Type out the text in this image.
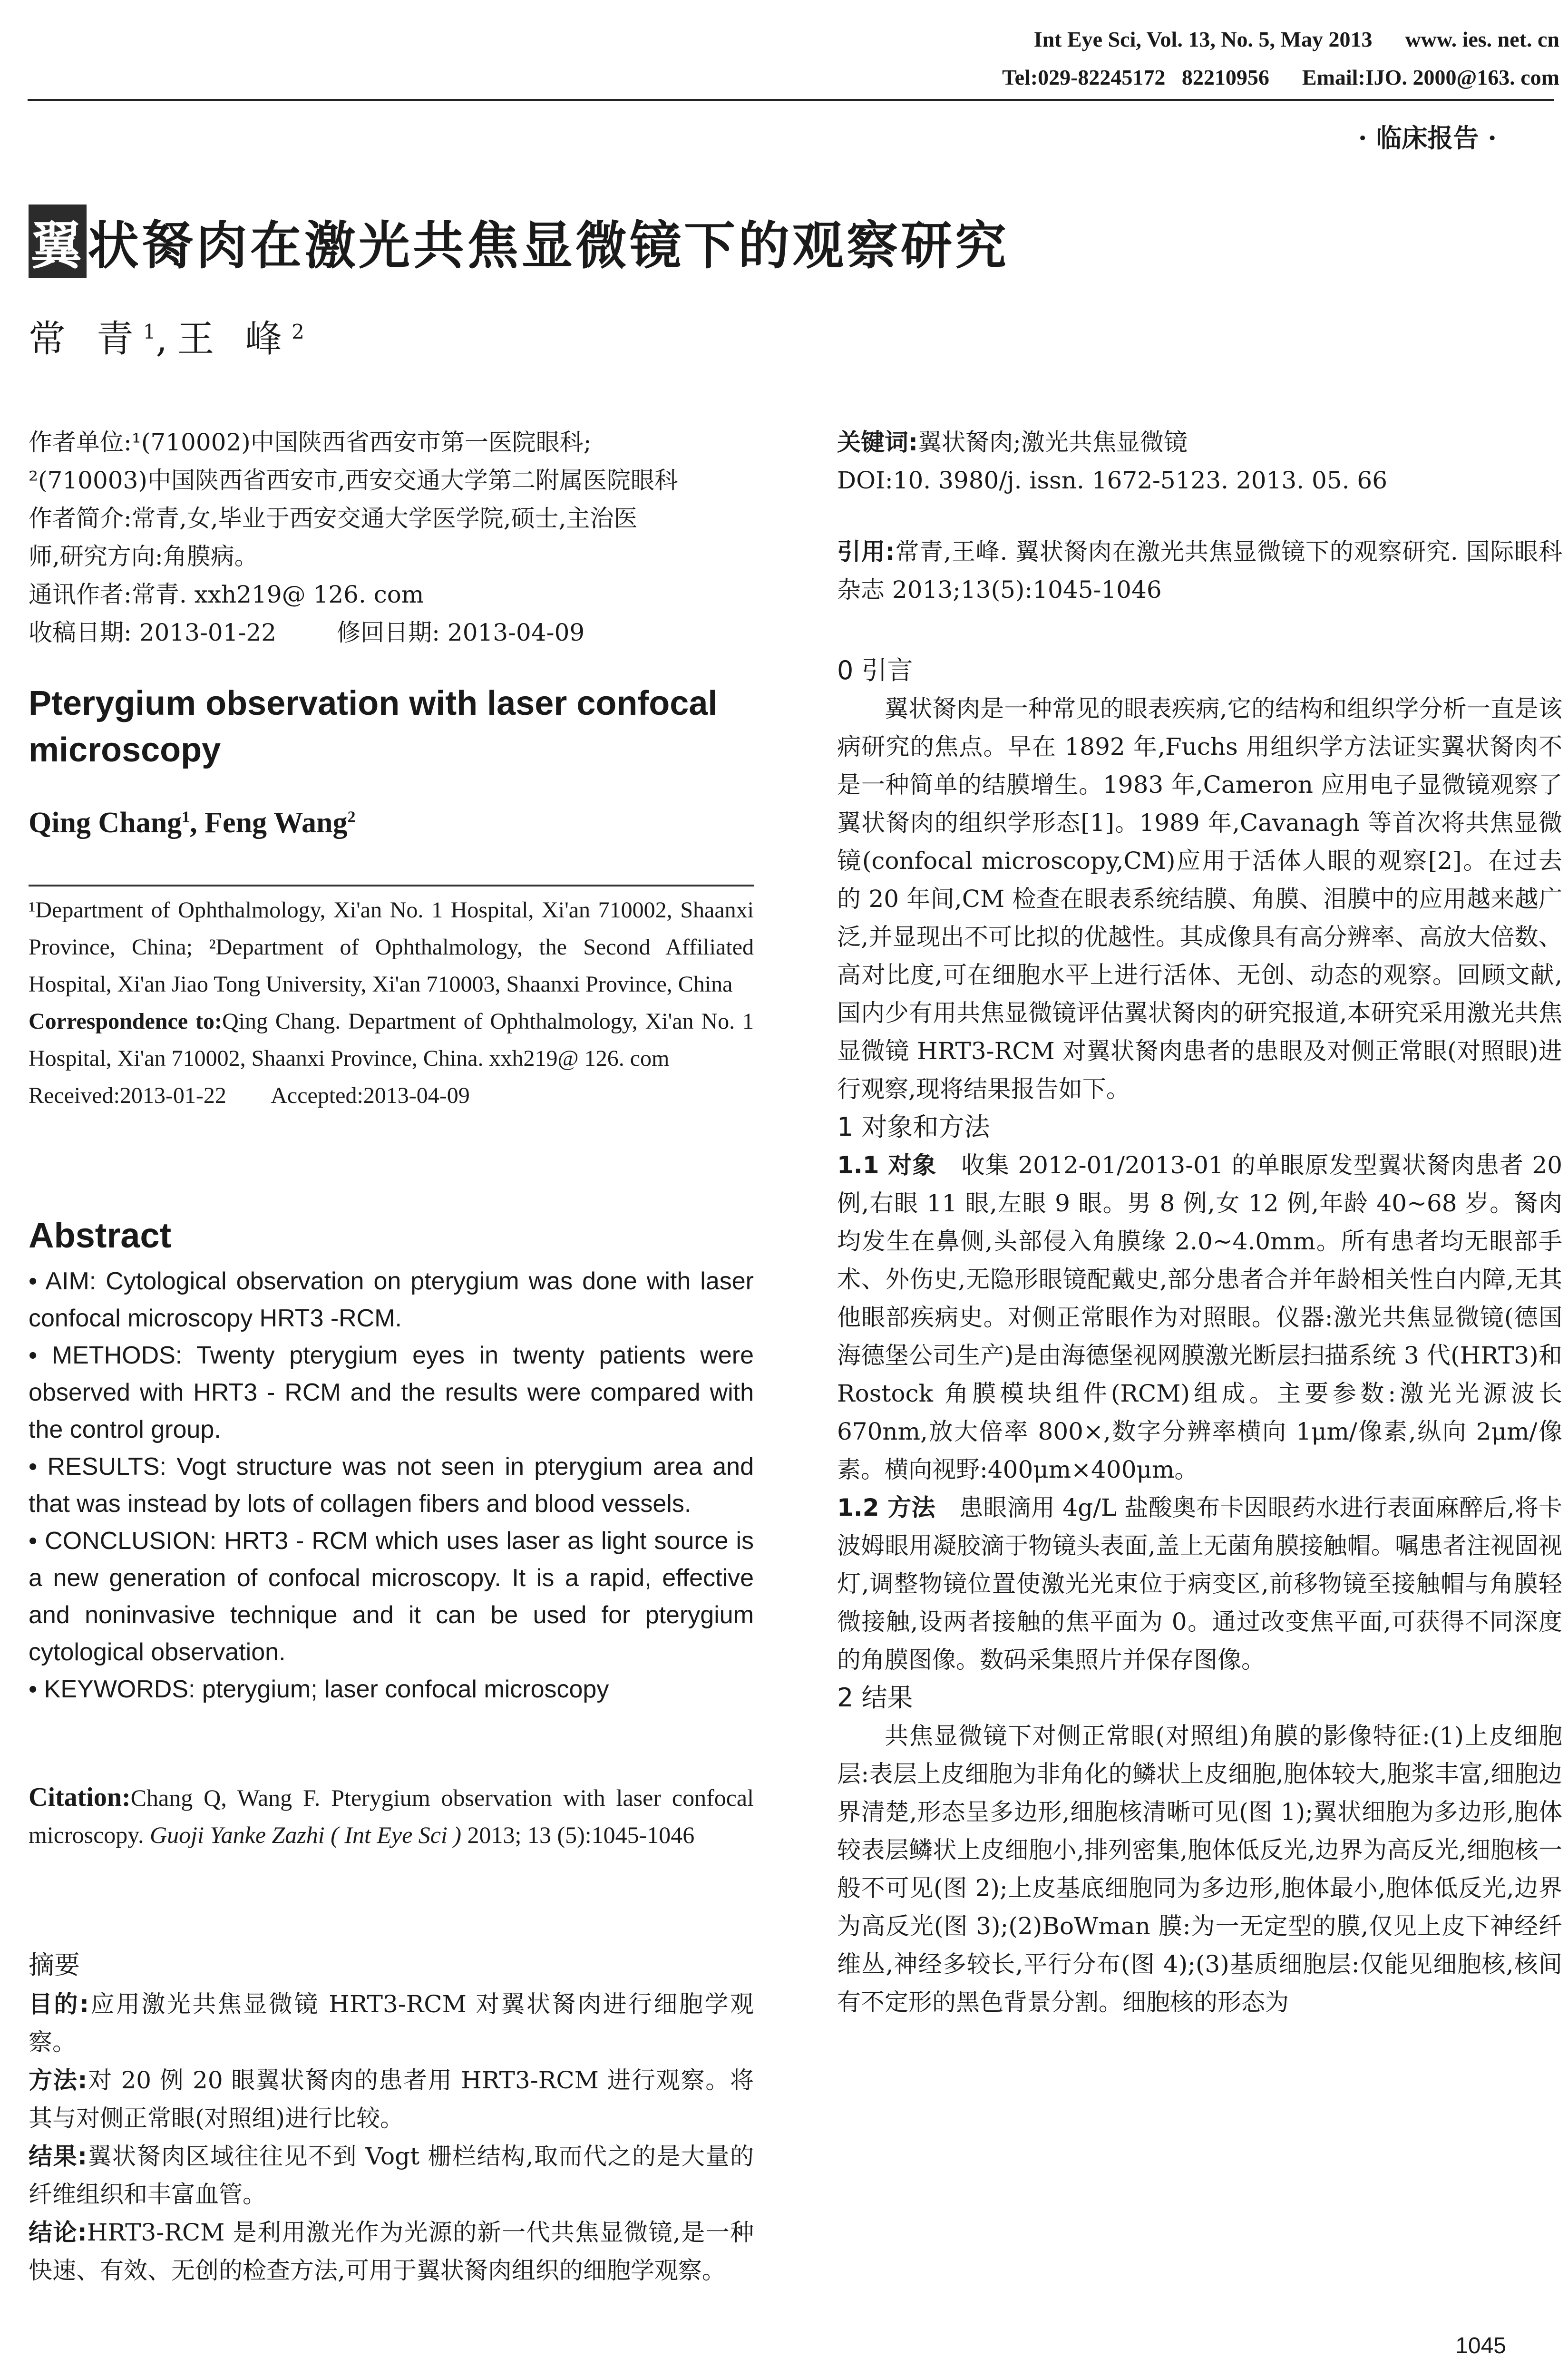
Int Eye Sci, Vol. 13, No. 5, May 2013 www. ies. net. cn
Tel:029-82245172   82210956 Email:IJO. 2000@163. com
· 临床报告 ·
翼状胬肉在激光共焦显微镜下的观察研究
常 青$^1$,王 峰$^2$
作者单位:¹(710002)中国陕西省西安市第一医院眼科;
²(710003)中国陕西省西安市,西安交通大学第二附属医院眼科
作者简介:常青,女,毕业于西安交通大学医学院,硕士,主治医
师,研究方向:角膜病。
通讯作者:常青. xxh219@ 126. com
收稿日期: 2013-01-22        修回日期: 2013-04-09
Pterygium observation with laser confocal microscopy
Qing Chang$^1$, Feng Wang$^2$
¹Department of Ophthalmology, Xi'an No. 1 Hospital, Xi'an 710002, Shaanxi Province, China; ²Department of Ophthalmology, the Second Affiliated Hospital, Xi'an Jiao Tong University, Xi'an 710003, Shaanxi Province, China
Correspondence to:Qing Chang. Department of Ophthalmology, Xi'an No. 1 Hospital, Xi'an 710002, Shaanxi Province, China. xxh219@ 126. com
Received:2013-01-22 Accepted:2013-04-09
Abstract

• AIM: Cytological observation on pterygium was done with laser confocal microscopy HRT3 -RCM.

• METHODS: Twenty pterygium eyes in twenty patients were observed with HRT3 - RCM and the results were compared with the control group.

• RESULTS: Vogt structure was not seen in pterygium area and that was instead by lots of collagen fibers and blood vessels.

• CONCLUSION: HRT3 - RCM which uses laser as light source is a new generation of confocal microscopy. It is a rapid, effective and noninvasive technique and it can be used for pterygium cytological observation.

• KEYWORDS: pterygium; laser confocal microscopy

Citation:Chang Q, Wang F. Pterygium observation with laser confocal microscopy. Guoji Yanke Zazhi ( Int Eye Sci ) 2013; 13 (5):1045-1046
摘要
目的:应用激光共焦显微镜 HRT3-RCM 对翼状胬肉进行细胞学观察。
方法:对 20 例 20 眼翼状胬肉的患者用 HRT3-RCM 进行观察。将其与对侧正常眼(对照组)进行比较。
结果:翼状胬肉区域往往见不到 Vogt 栅栏结构,取而代之的是大量的纤维组织和丰富血管。
结论:HRT3-RCM 是利用激光作为光源的新一代共焦显微镜,是一种快速、有效、无创的检查方法,可用于翼状胬肉组织的细胞学观察。
关键词:翼状胬肉;激光共焦显微镜
DOI:10. 3980/j. issn. 1672-5123. 2013. 05. 66
引用:常青,王峰. 翼状胬肉在激光共焦显微镜下的观察研究. 国际眼科杂志 2013;13(5):1045-1046
0 引言
翼状胬肉是一种常见的眼表疾病,它的结构和组织学分析一直是该病研究的焦点。早在 1892 年,Fuchs 用组织学方法证实翼状胬肉不是一种简单的结膜增生。1983 年,Cameron 应用电子显微镜观察了翼状胬肉的组织学形态[1]。1989 年,Cavanagh 等首次将共焦显微镜(confocal microscopy,CM)应用于活体人眼的观察[2]。在过去的 20 年间,CM 检查在眼表系统结膜、角膜、泪膜中的应用越来越广泛,并显现出不可比拟的优越性。其成像具有高分辨率、高放大倍数、高对比度,可在细胞水平上进行活体、无创、动态的观察。回顾文献,国内少有用共焦显微镜评估翼状胬肉的研究报道,本研究采用激光共焦显微镜 HRT3-RCM 对翼状胬肉患者的患眼及对侧正常眼(对照眼)进行观察,现将结果报告如下。
1 对象和方法
1.1 对象　 收集 2012-01/2013-01 的单眼原发型翼状胬肉患者 20 例,右眼 11 眼,左眼 9 眼。男 8 例,女 12 例,年龄 40~68 岁。胬肉均发生在鼻侧,头部侵入角膜缘 2.0~4.0mm。所有患者均无眼部手术、外伤史,无隐形眼镜配戴史,部分患者合并年龄相关性白内障,无其他眼部疾病史。对侧正常眼作为对照眼。仪器:激光共焦显微镜(德国海德堡公司生产)是由海德堡视网膜激光断层扫描系统 3 代(HRT3)和 Rostock 角膜模块组件(RCM)组成。主要参数:激光光源波长 670nm,放大倍率 800×,数字分辨率横向 1μm/像素,纵向 2μm/像素。横向视野:400μm×400μm。
1.2 方法　 患眼滴用 4g/L 盐酸奥布卡因眼药水进行表面麻醉后,将卡波姆眼用凝胶滴于物镜头表面,盖上无菌角膜接触帽。嘱患者注视固视灯,调整物镜位置使激光光束位于病变区,前移物镜至接触帽与角膜轻微接触,设两者接触的焦平面为 0。通过改变焦平面,可获得不同深度的角膜图像。数码采集照片并保存图像。
2 结果
共焦显微镜下对侧正常眼(对照组)角膜的影像特征:(1)上皮细胞层:表层上皮细胞为非角化的鳞状上皮细胞,胞体较大,胞浆丰富,细胞边界清楚,形态呈多边形,细胞核清晰可见(图 1);翼状细胞为多边形,胞体较表层鳞状上皮细胞小,排列密集,胞体低反光,边界为高反光,细胞核一般不可见(图 2);上皮基底细胞同为多边形,胞体最小,胞体低反光,边界为高反光(图 3);(2)BoWman 膜:为一无定型的膜,仅见上皮下神经纤维丛,神经多较长,平行分布(图 4);(3)基质细胞层:仅能见细胞核,核间有不定形的黑色背景分割。细胞核的形态为
1045
